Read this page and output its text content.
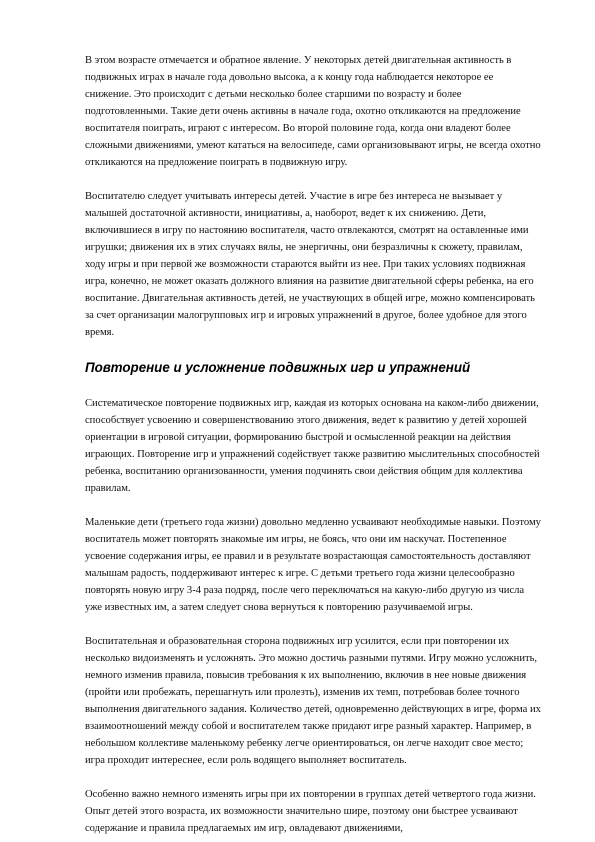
В этом возрасте отмечается и обратное явление. У некоторых детей двигательная активность в подвижных играх в начале года довольно высока, а к концу года наблюдается некоторое ее снижение. Это происходит с детьми несколько более старшими по возрасту и более подготовленными. Такие дети очень активны в начале года, охотно откликаются на предложение воспитателя поиграть, играют с интересом. Во второй половине года, когда они владеют более сложными движениями, умеют кататься на велосипеде, сами организовывают игры, не всегда охотно откликаются на предложение поиграть в подвижную игру.

Воспитателю следует учитывать интересы детей. Участие в игре без интереса не вызывает у малышей достаточной активности, инициативы, а, наоборот, ведет к их снижению. Дети, включившиеся в игру по настоянию воспитателя, часто отвлекаются, смотрят на оставленные ими игрушки; движения их в этих случаях вялы, не энергичны, они безразличны к сюжету, правилам, ходу игры и при первой же возможности стараются выйти из нее. При таких условиях подвижная игра, конечно, не может оказать должного влияния на развитие двигательной сферы ребенка, на его воспитание. Двигательная активность детей, не участвующих в общей игре, можно компенсировать за счет организации малогрупповых игр и игровых упражнений в другое, более удобное для этого время.

Повторение и усложнение подвижных игр и упражнений

Систематическое повторение подвижных игр, каждая из которых основана на каком-либо движении, способствует усвоению и совершенствованию этого движения, ведет к развитию у детей хорошей ориентации в игровой ситуации, формированию быстрой и осмысленной реакции на действия играющих. Повторение игр и упражнений содействует также развитию мыслительных способностей ребенка, воспитанию организованности, умения подчинять свои действия общим для коллектива правилам.

Маленькие дети (третьего года жизни) довольно медленно усваивают необходимые навыки. Поэтому воспитатель может повторять знакомые им игры, не боясь, что они им наскучат. Постепенное усвоение содержания игры, ее правил и в результате возрастающая самостоятельность доставляют малышам радость, поддерживают интерес к игре. С детьми третьего года жизни целесообразно повторять новую игру 3-4 раза подряд, после чего переключаться на какую-либо другую из числа уже известных им, а затем следует снова вернуться к повторению разучиваемой игры.

Воспитательная и образовательная сторона подвижных игр усилится, если при повторении их несколько видоизменять и усложнять. Это можно достичь разными путями. Игру можно усложнить, немного изменив правила, повысив требования к их выполнению, включив в нее новые движения (пройти или пробежать, перешагнуть или пролезть), изменив их темп, потребовав более точного выполнения двигательного задания. Количество детей, одновременно действующих в игре, форма их взаимоотношений между собой и воспитателем также придают игре разный характер. Например, в небольшом коллективе маленькому ребенку легче ориентироваться, он легче находит свое место; игра проходит интереснее, если роль водящего выполняет воспитатель.

Особенно важно немного изменять игры при их повторении в группах детей четвертого года жизни. Опыт детей этого возраста, их возможности значительно шире, поэтому они быстрее усваивают содержание и правила предлагаемых им игр, овладевают движениями,
